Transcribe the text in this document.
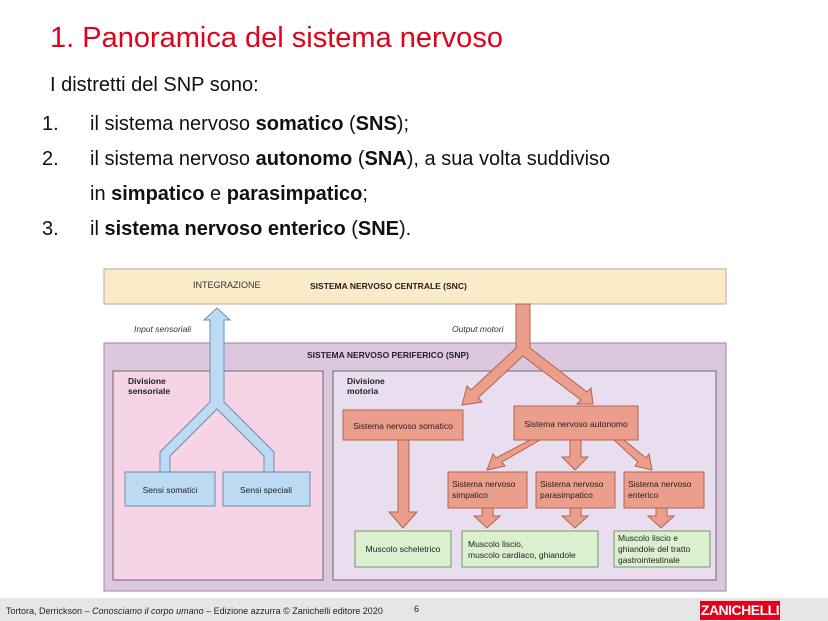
1. Panoramica del sistema nervoso
I distretti del SNP sono:
1. il sistema nervoso somatico (SNS);
2. il sistema nervoso autonomo (SNA), a sua volta suddiviso
in simpatico e parasimpatico;
3. il sistema nervoso enterico (SNE).
INTEGRAZIONE	SISTEMA NERVOSO CENTRALE (SNC)
Input sensoriali	Output motori
SISTEMA NERVOSO PERIFERICO (SNP)
Divisione
sensoriale
Divisione
motoria
Sensi somatici	Sensi speciali
Sistema nervoso somatico	Sistema nervoso autonomo
Sistema nervoso
simpatico
Sistema nervoso
parasimpatico
Sistema nervoso
enterico
Muscolo scheletrico	Muscolo liscio,
muscolo cardiaco, ghiandole
Muscolo liscio e
ghiandole del tratto
gastrointestinale
Tortora, Derrickson – Conosciamo il corpo umano – Edizione azzurra © Zanichelli editore 2020	6	ZANICHELLI
